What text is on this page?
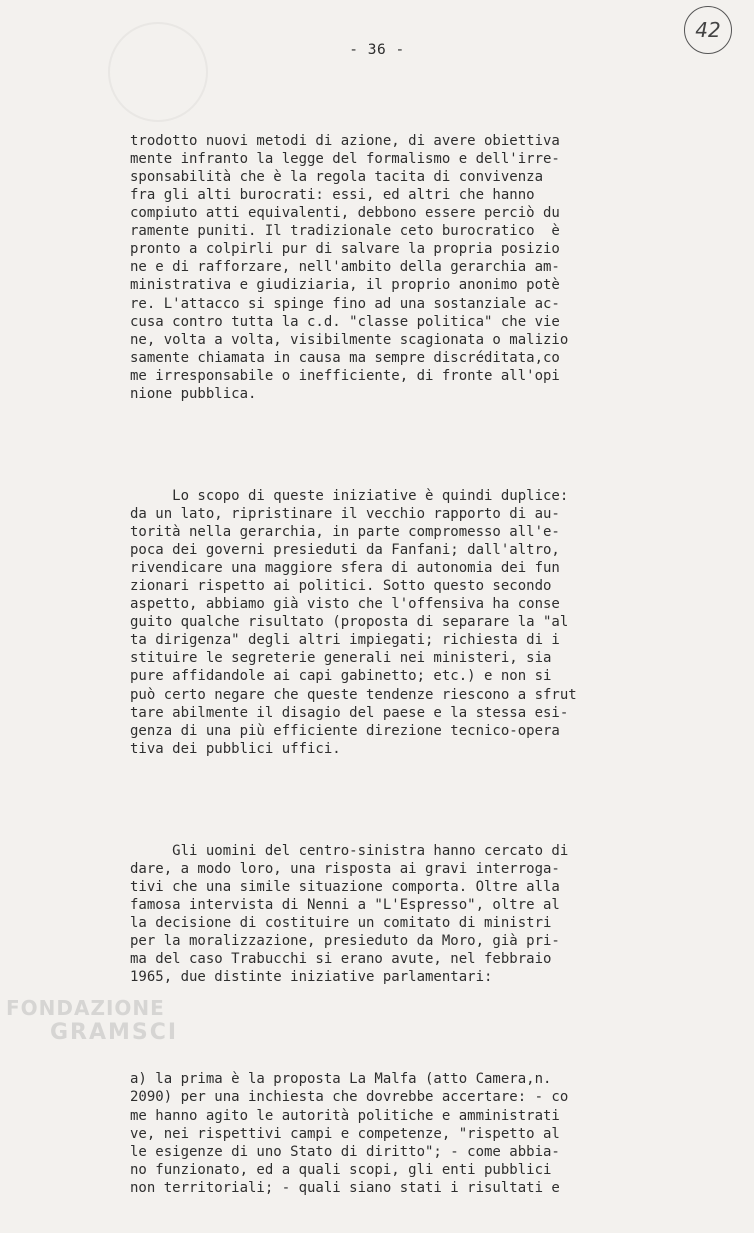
- 36 -
42

trodotto nuovi metodi di azione, di avere obiettiva
mente infranto la legge del formalismo e dell'irre-
sponsabilità che è la regola tacita di convivenza
fra gli alti burocrati: essi, ed altri che hanno
compiuto atti equivalenti, debbono essere perciò du
ramente puniti. Il tradizionale ceto burocratico  è
pronto a colpirli pur di salvare la propria posizio
ne e di rafforzare, nell'ambito della gerarchia am-
ministrativa e giudiziaria, il proprio anonimo potè
re. L'attacco si spinge fino ad una sostanziale ac-
cusa contro tutta la c.d. "classe politica" che vie
ne, volta a volta, visibilmente scagionata o malizio
samente chiamata in causa ma sempre discréditata,co
me irresponsabile o inefficiente, di fronte all'opi
nione pubblica.

Lo scopo di queste iniziative è quindi duplice:
da un lato, ripristinare il vecchio rapporto di au-
torità nella gerarchia, in parte compromesso all'e-
poca dei governi presieduti da Fanfani; dall'altro,
rivendicare una maggiore sfera di autonomia dei fun
zionari rispetto ai politici. Sotto questo secondo
aspetto, abbiamo già visto che l'offensiva ha conse
guito qualche risultato (proposta di separare la "al
ta dirigenza" degli altri impiegati; richiesta di i
stituire le segreterie generali nei ministeri, sia
pure affidandole ai capi gabinetto; etc.) e non si
può certo negare che queste tendenze riescono a sfrut
tare abilmente il disagio del paese e la stessa esi-
genza di una più efficiente direzione tecnico-opera
tiva dei pubblici uffici.

Gli uomini del centro-sinistra hanno cercato di
dare, a modo loro, una risposta ai gravi interroga-
tivi che una simile situazione comporta. Oltre alla
famosa intervista di Nenni a "L'Espresso", oltre al
la decisione di costituire un comitato di ministri
per la moralizzazione, presieduto da Moro, già pri-
ma del caso Trabucchi si erano avute, nel febbraio
1965, due distinte iniziative parlamentari:

a) la prima è la proposta La Malfa (atto Camera,n.
2090) per una inchiesta che dovrebbe accertare: - co
me hanno agito le autorità politiche e amministrati
ve, nei rispettivi campi e competenze, "rispetto al
le esigenze di uno Stato di diritto"; - come abbia-
no funzionato, ed a quali scopi, gli enti pubblici
non territoriali; - quali siano stati i risultati e

FONDAZIONE
GRAMSCI
